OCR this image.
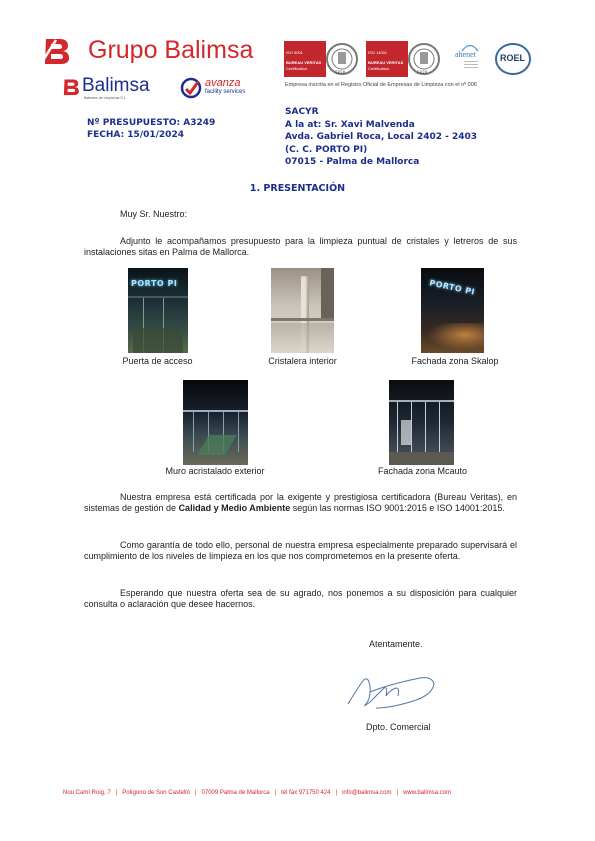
Grupo Balimsa
Balimsa
Baleares de Limpiezas S.L.
avanza
facility services
ISO 9001
BUREAU VERITAS
Certification
1828
ISO 14001
BUREAU VERITAS
Certification
1828
ahenet	ROEL
Empresa inscrita en el Registro Oficial de Empresas de Limpieza con el nº 006
Nº PRESUPUESTO: A3249
FECHA: 15/01/2024
SACYR
A la at: Sr. Xavi Malvenda
Avda. Gabriel Roca, Local 2402 - 2403
(C. C. PORTO PI)
07015 - Palma de Mallorca
1. PRESENTACIÓN
Muy Sr. Nuestro:
Adjunto le acompañamos presupuesto para la limpieza puntual de cristales y letreros de sus instalaciones sitas en Palma de Mallorca.
PORTO PI	PORTO PI
Puerta de acceso	Cristalera interior	Fachada zona Skalop
Muro acristalado exterior	Fachada zona Mcauto
Nuestra empresa está certificada por la exigente y prestigiosa certificadora (Bureau Veritas), en sistemas de gestión de Calidad y Medio Ambiente según las normas ISO 9001:2015 e ISO 14001:2015.
Como garantía de todo ello, personal de nuestra empresa especialmente preparado supervisará el cumplimiento de los niveles de limpieza en los que nos comprometemos en la presente oferta.
Esperando que nuestra oferta sea de su agrado, nos ponemos a su disposición para cualquier consulta o aclaración que desee hacernos.
Atentamente.
Dpto. Comercial
Nou Camí Roig, 7 | Polígono de Son Castelló | 07009 Palma de Mallorca | tel fax 971750 424 | info@balimsa.com | www.balimsa.com
